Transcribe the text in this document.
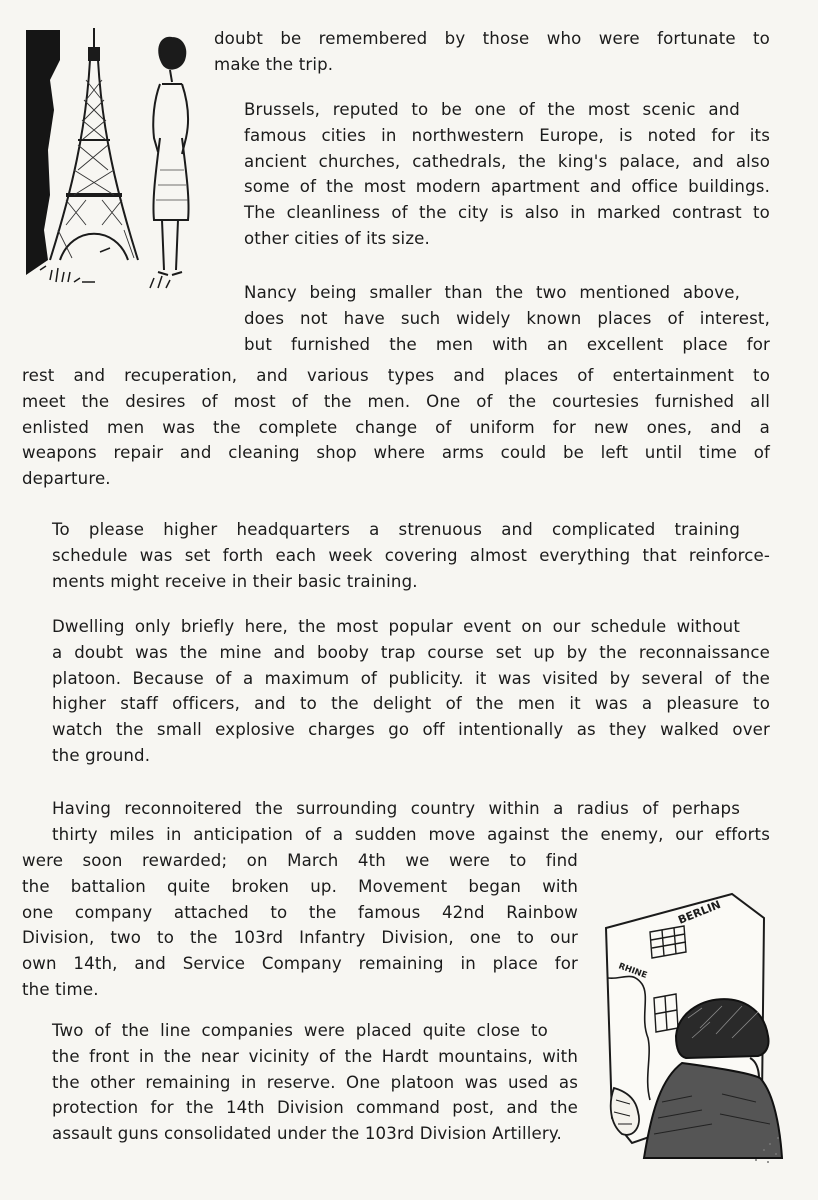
BERLIN
RHINE
doubt be remembered by those who were fortunate to
make the trip.
Brussels, reputed to be one of the most scenic and
famous cities in northwestern Europe, is noted for its
ancient churches, cathedrals, the king's palace, and also
some of the most modern apartment and office buildings.
The cleanliness of the city is also in marked contrast to
other cities of its size.
Nancy being smaller than the two mentioned above,
does not have such widely known places of interest,
but furnished the men with an excellent place for
rest and recuperation, and various types and places of entertainment to
meet the desires of most of the men. One of the courtesies furnished all
enlisted men was the complete change of uniform for new ones, and a
weapons repair and cleaning shop where arms could be left until time of
departure.
To please higher headquarters a strenuous and complicated training
schedule was set forth each week covering almost everything that reinforce-
ments might receive in their basic training.
Dwelling only briefly here, the most popular event on our schedule without
a doubt was the mine and booby trap course set up by the reconnaissance
platoon. Because of a maximum of publicity. it was visited by several of the
higher staff officers, and to the delight of the men it was a pleasure to
watch the small explosive charges go off intentionally as they walked over
the ground.
Having reconnoitered the surrounding country within a radius of perhaps
thirty miles in anticipation of a sudden move against the enemy, our efforts
were soon rewarded; on March 4th we were to find
the battalion quite broken up. Movement began with
one company attached to the famous 42nd Rainbow
Division, two to the 103rd Infantry Division, one to our
own 14th, and Service Company remaining in place for
the time.
Two of the line companies were placed quite close to
the front in the near vicinity of the Hardt mountains, with
the other remaining in reserve. One platoon was used as
protection for the 14th Division command post, and the
assault guns consolidated under the 103rd Division Artillery.
